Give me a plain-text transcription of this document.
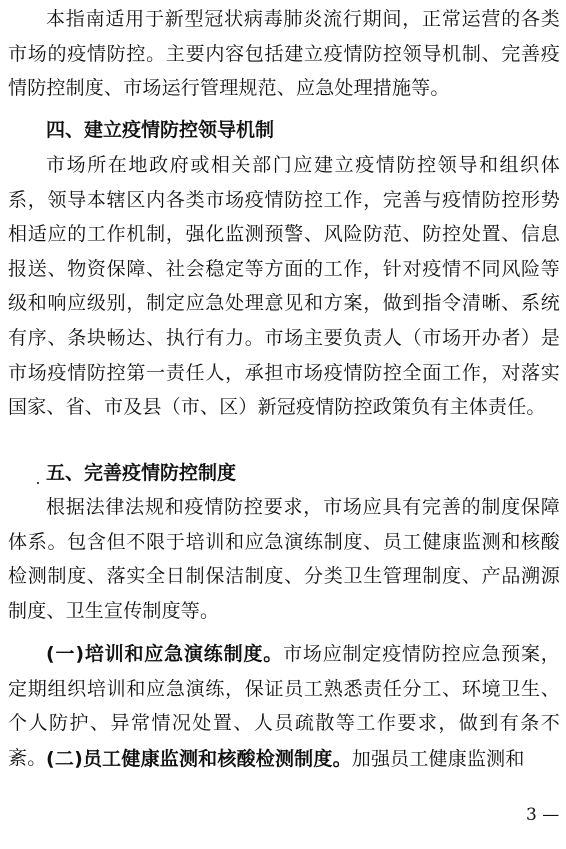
本指南适用于新型冠状病毒肺炎流行期间，正常运营的各类市场的疫情防控。主要内容包括建立疫情防控领导机制、完善疫情防控制度、市场运行管理规范、应急处理措施等。

四、建立疫情防控领导机制

市场所在地政府或相关部门应建立疫情防控领导和组织体系，领导本辖区内各类市场疫情防控工作，完善与疫情防控形势相适应的工作机制，强化监测预警、风险防范、防控处置、信息报送、物资保障、社会稳定等方面的工作，针对疫情不同风险等级和响应级别，制定应急处理意见和方案，做到指令清晰、系统有序、条块畅达、执行有力。市场主要负责人（市场开办者）是市场疫情防控第一责任人，承担市场疫情防控全面工作，对落实国家、省、市及县（市、区）新冠疫情防控政策负有主体责任。

五、完善疫情防控制度

根据法律法规和疫情防控要求，市场应具有完善的制度保障体系。包含但不限于培训和应急演练制度、员工健康监测和核酸检测制度、落实全日制保洁制度、分类卫生管理制度、产品溯源制度、卫生宣传制度等。

(一)培训和应急演练制度。市场应制定疫情防控应急预案，定期组织培训和应急演练，保证员工熟悉责任分工、环境卫生、个人防护、异常情况处置、人员疏散等工作要求，做到有条不紊。 (二)员工健康监测和核酸检测制度。加强员工健康监测和

3 —
